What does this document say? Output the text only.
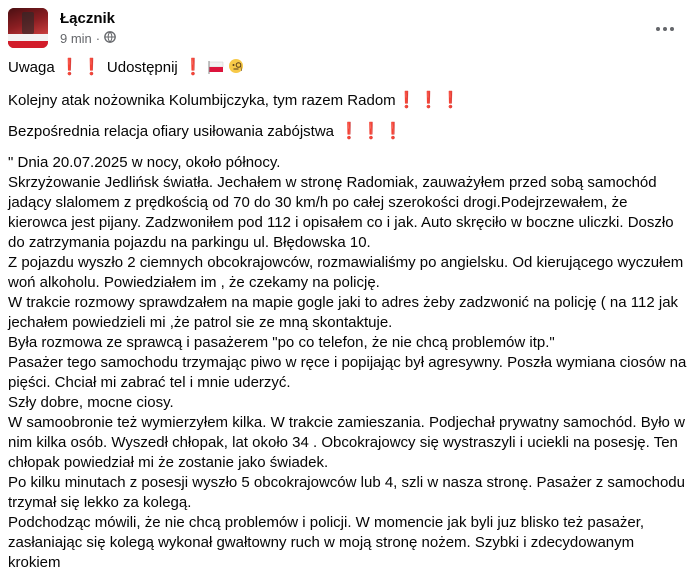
Łącznik
9 min ·

Uwaga ❗ ❗ Udostępnij ❗

Kolejny atak nożownika Kolumbijczyka, tym razem Radom❗ ❗ ❗

Bezpośrednia relacja ofiary usiłowania zabójstwa ❗ ❗ ❗

" Dnia 20.07.2025 w nocy, około północy.
Skrzyżowanie Jedlińsk światła. Jechałem w stronę Radomiak, zauważyłem przed sobą samochód
jadący slalomem z prędkością od 70 do 30 km/h po całej szerokości drogi.Podejrzewałem, że
kierowca jest pijany. Zadzwoniłem pod 112 i opisałem co i jak. Auto skręciło w boczne uliczki. Doszło
do zatrzymania pojazdu na parkingu ul. Błędowska 10.
Z pojazdu wyszło 2 ciemnych obcokrajowców, rozmawialiśmy po angielsku. Od kierującego wyczułem
woń alkoholu. Powiedziałem im , że czekamy na policję.
W trakcie rozmowy sprawdzałem na mapie gogle jaki to adres żeby zadzwonić na policję ( na 112 jak
jechałem powiedzieli mi ,że patrol sie ze mną skontaktuje.
Była rozmowa ze sprawcą i pasażerem "po co telefon, że nie chcą problemów itp."
Pasażer tego samochodu trzymając piwo w ręce i popijając był agresywny. Poszła wymiana ciosów na
pięści. Chciał mi zabrać tel i mnie uderzyć.
Szły dobre, mocne ciosy.
W samoobronie też wymierzyłem kilka. W trakcie zamieszania. Podjechał prywatny samochód. Było w
nim kilka osób. Wyszedł chłopak, lat około 34 . Obcokrajowcy się wystraszyli i uciekli na posesję. Ten
chłopak powiedział mi że zostanie jako świadek.
Po kilku minutach z posesji wyszło 5 obcokrajowców lub 4, szli w nasza stronę. Pasażer z samochodu
trzymał się lekko za kolegą.
Podchodząc mówili, że nie chcą problemów i policji. W momencie jak byli juz blisko też pasażer,
zasłaniając się kolegą wykonał gwałtowny ruch w moją stronę nożem. Szybki i zdecydowanym krokiem
